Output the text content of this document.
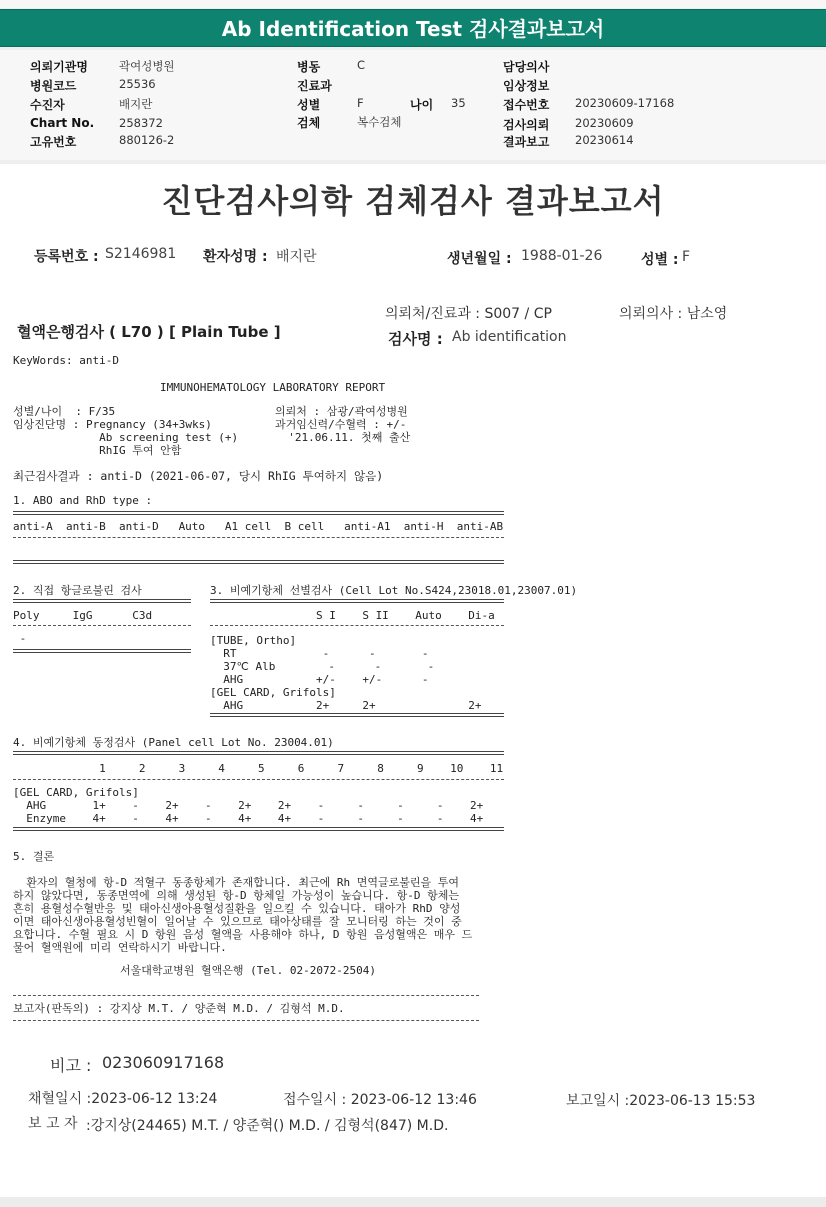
Ab Identification Test 검사결과보고서
의뢰기관명	곽여성병원
병원코드	25536
수진자	배지란
Chart No. 258372
고유번호	880126-2
병동	C
진료과
성별	F	나이 35
검체	복수검체
담당의사
임상정보
접수번호 20230609-17168
검사의뢰 20230609
결과보고 20230614
진단검사의학 검체검사 결과보고서
등록번호 : S2146981 환자성명 : 배지란	생년월일 : 1988-01-26	성별 : F
의뢰처/진료과 : S007 / CP	의뢰의사 : 남소영
혈액은행검사 ( L70 ) [ Plain Tube ]	검사명 : Ab identification
KeyWords: anti-D
IMMUNOHEMATOLOGY LABORATORY REPORT
성별/나이  : F/35
임상진단명 : Pregnancy (34+3wks)
Ab screening test (+)
RhIG 투여 안함
의뢰처 : 삼광/곽여성병원
과거임신력/수혈력 : +/-
'21.06.11. 첫째 출산
최근검사결과 : anti-D (2021-06-07, 당시 RhIG 투여하지 않음)
1. ABO and RhD type :
anti-A  anti-B  anti-D   Auto   A1 cell  B cell   anti-A1  anti-H  anti-AB
2. 직접 항글로불린 검사
Poly     IgG      C3d
-
3. 비예기항체 선별검사 (Cell Lot No.S424,23018.01,23007.01)
S I    S II    Auto    Di-a
[TUBE, Ortho]
RT             -      -       -
37℃ Alb        -      -       -
AHG           +/-    +/-      -
[GEL CARD, Grifols]
AHG           2+     2+              2+
4. 비예기항체 동정검사 (Panel cell Lot No. 23004.01)
1     2     3     4     5     6     7     8     9    10    11
[GEL CARD, Grifols]
AHG       1+    -    2+    -    2+    2+    -     -     -     -    2+
Enzyme    4+    -    4+    -    4+    4+    -     -     -     -    4+
5. 결론
환자의 혈청에 항-D 적혈구 동종항체가 존재합니다. 최근에 Rh 면역글로불린을 투여
하지 않았다면, 동종면역에 의해 생성된 항-D 항체일 가능성이 높습니다. 항-D 항체는
흔히 용혈성수혈반응 및 태아신생아용혈성질환을 일으킬 수 있습니다. 태아가 RhD 양성
이면 태아신생아용혈성빈혈이 일어날 수 있으므로 태아상태를 잘 모니터링 하는 것이 중
요합니다. 수혈 필요 시 D 항원 음성 혈액을 사용해야 하나, D 항원 음성혈액은 매우 드
물어 혈액원에 미리 연락하시기 바랍니다.
서울대학교병원 혈액은행 (Tel. 02-2072-2504)
보고자(판독의) : 강지상 M.T. / 양준혁 M.D. / 김형석 M.D.
비고 : 023060917168
채혈일시 :2023-06-12 13:24	접수일시 : 2023-06-12 13:46	보고일시 :2023-06-13 15:53
보 고 자 :강지상(24465) M.T. / 양준혁() M.D. / 김형석(847) M.D.
